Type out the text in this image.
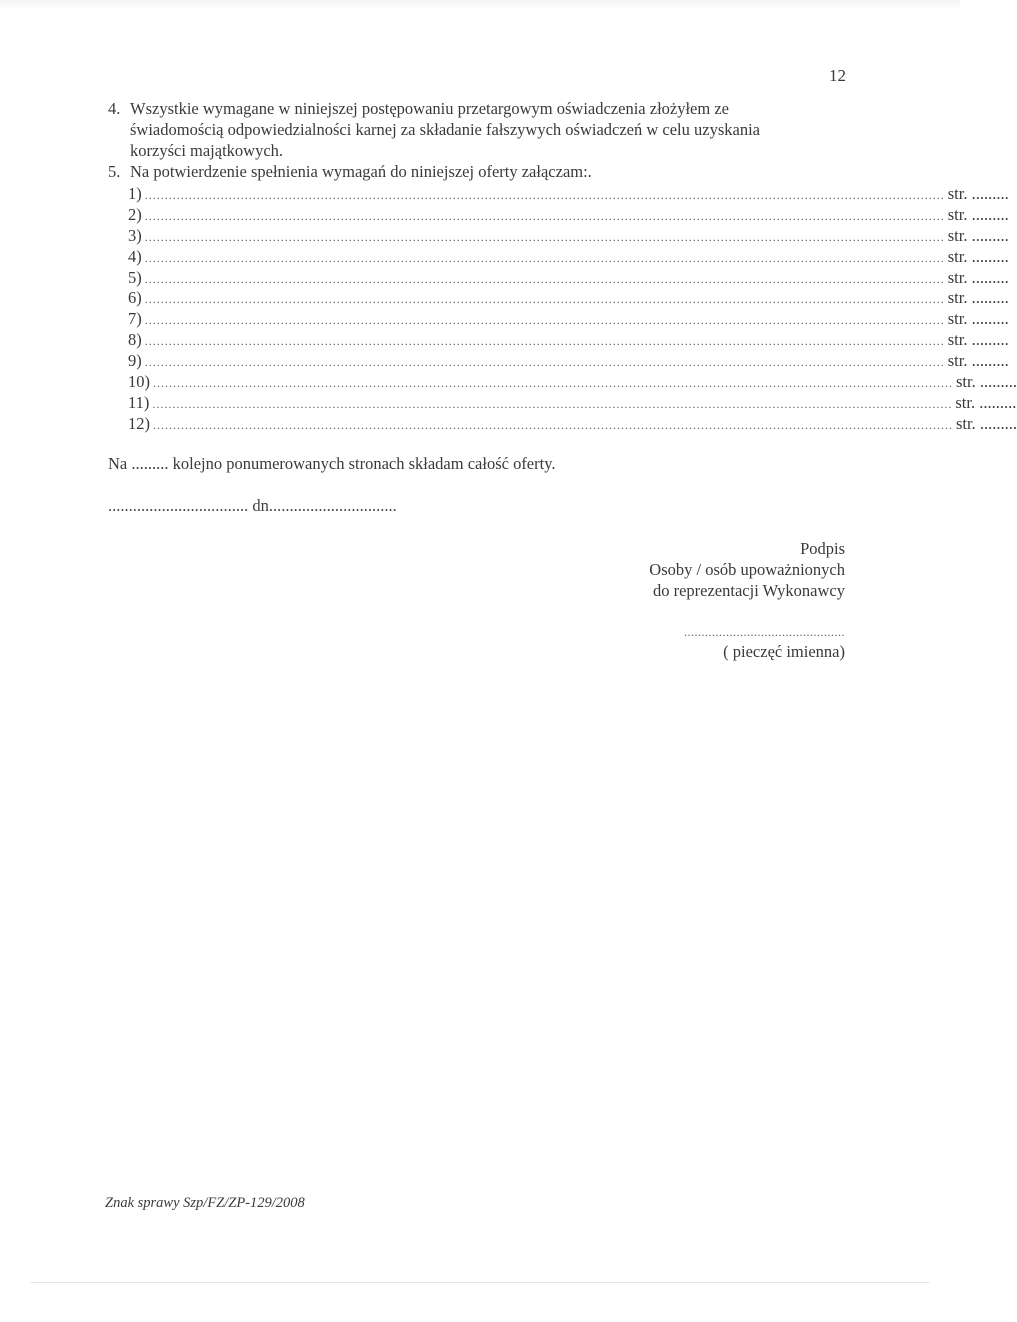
12
4. Wszystkie wymagane w niniejszej postępowaniu przetargowym oświadczenia złożyłem ze
świadomością odpowiedzialności karnej za składanie fałszywych oświadczeń w celu uzyskania
korzyści majątkowych.
5. Na potwierdzenie spełnienia wymagań do niniejszej oferty załączam:.
1) ........................................................................................................................................................................................................ str. .........
2) ........................................................................................................................................................................................................ str. .........
3) ........................................................................................................................................................................................................ str. .........
4) ........................................................................................................................................................................................................ str. .........
5) ........................................................................................................................................................................................................ str. .........
6) ........................................................................................................................................................................................................ str. .........
7) ........................................................................................................................................................................................................ str. .........
8) ........................................................................................................................................................................................................ str. .........
9) ........................................................................................................................................................................................................ str. .........
10) ........................................................................................................................................................................................................ str. .........
11) ........................................................................................................................................................................................................ str. .........
12) ........................................................................................................................................................................................................ str. .........
Na ......... kolejno ponumerowanych stronach składam całość oferty.
.................................. dn...............................
Podpis
Osoby / osób upoważnionych
do reprezentacji Wykonawcy
..............................................
( pieczęć imienna)
Znak sprawy Szp/FZ/ZP-129/2008
